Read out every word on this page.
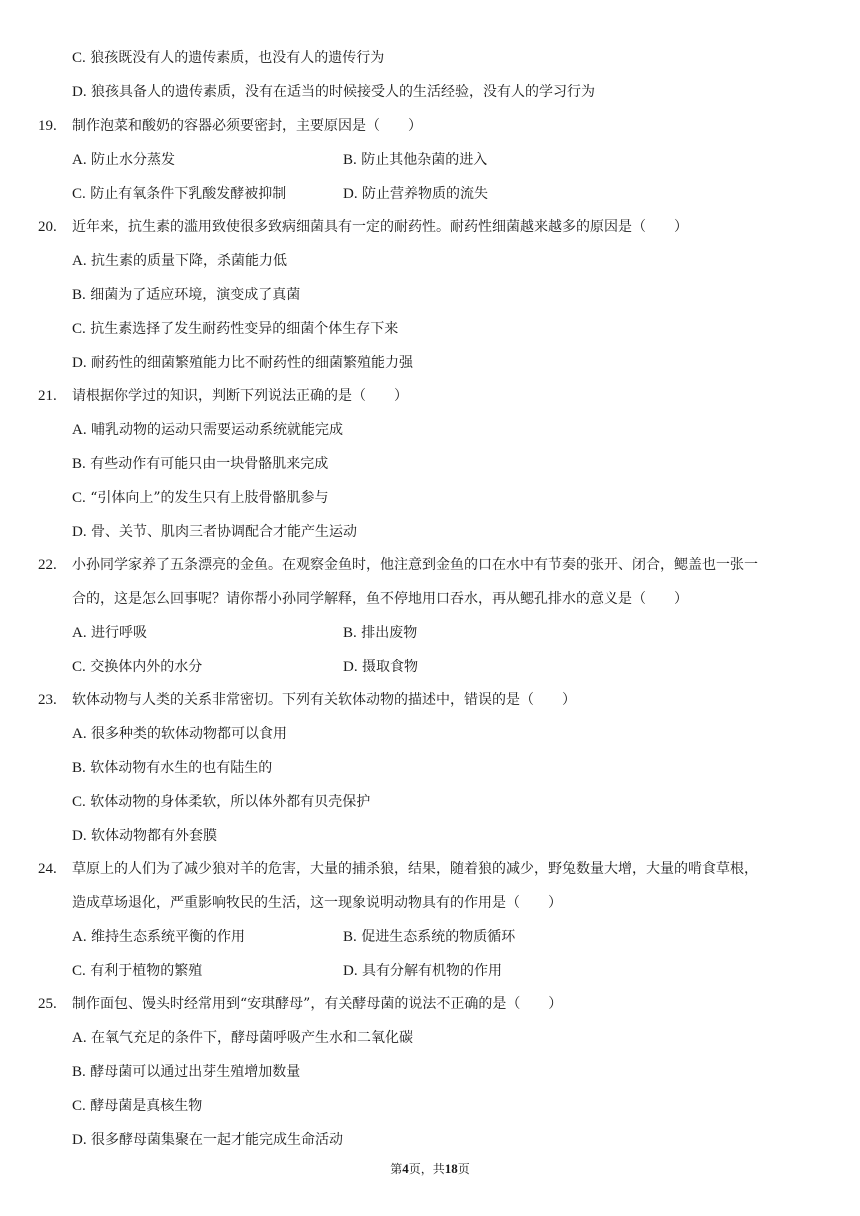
C. 狼孩既没有人的遗传素质，也没有人的遗传行为
D. 狼孩具备人的遗传素质，没有在适当的时候接受人的生活经验，没有人的学习行为
19. 制作泡菜和酸奶的容器必须要密封，主要原因是（　　）
A. 防止水分蒸发	B. 防止其他杂菌的进入
C. 防止有氧条件下乳酸发酵被抑制	D. 防止营养物质的流失
20. 近年来，抗生素的滥用致使很多致病细菌具有一定的耐药性。耐药性细菌越来越多的原因是（　　）
A. 抗生素的质量下降，杀菌能力低
B. 细菌为了适应环境，演变成了真菌
C. 抗生素选择了发生耐药性变异的细菌个体生存下来
D. 耐药性的细菌繁殖能力比不耐药性的细菌繁殖能力强
21. 请根据你学过的知识，判断下列说法正确的是（　　）
A. 哺乳动物的运动只需要运动系统就能完成
B. 有些动作有可能只由一块骨骼肌来完成
C. “引体向上”的发生只有上肢骨骼肌参与
D. 骨、关节、肌肉三者协调配合才能产生运动
22. 小孙同学家养了五条漂亮的金鱼。在观察金鱼时，他注意到金鱼的口在水中有节奏的张开、闭合，鳃盖也一张一
合的，这是怎么回事呢？请你帮小孙同学解释，鱼不停地用口吞水，再从鳃孔排水的意义是（　　）
A. 进行呼吸	B. 排出废物
C. 交换体内外的水分	D. 摄取食物
23. 软体动物与人类的关系非常密切。下列有关软体动物的描述中，错误的是（　　）
A. 很多种类的软体动物都可以食用
B. 软体动物有水生的也有陆生的
C. 软体动物的身体柔软，所以体外都有贝壳保护
D. 软体动物都有外套膜
24. 草原上的人们为了减少狼对羊的危害，大量的捕杀狼，结果，随着狼的减少，野兔数量大增，大量的啃食草根，
造成草场退化，严重影响牧民的生活，这一现象说明动物具有的作用是（　　）
A. 维持生态系统平衡的作用	B. 促进生态系统的物质循环
C. 有利于植物的繁殖	D. 具有分解有机物的作用
25. 制作面包、馒头时经常用到“安琪酵母”，有关酵母菌的说法不正确的是（　　）
A. 在氧气充足的条件下，酵母菌呼吸产生水和二氧化碳
B. 酵母菌可以通过出芽生殖增加数量
C. 酵母菌是真核生物
D. 很多酵母菌集聚在一起才能完成生命活动
第4页，共18页
